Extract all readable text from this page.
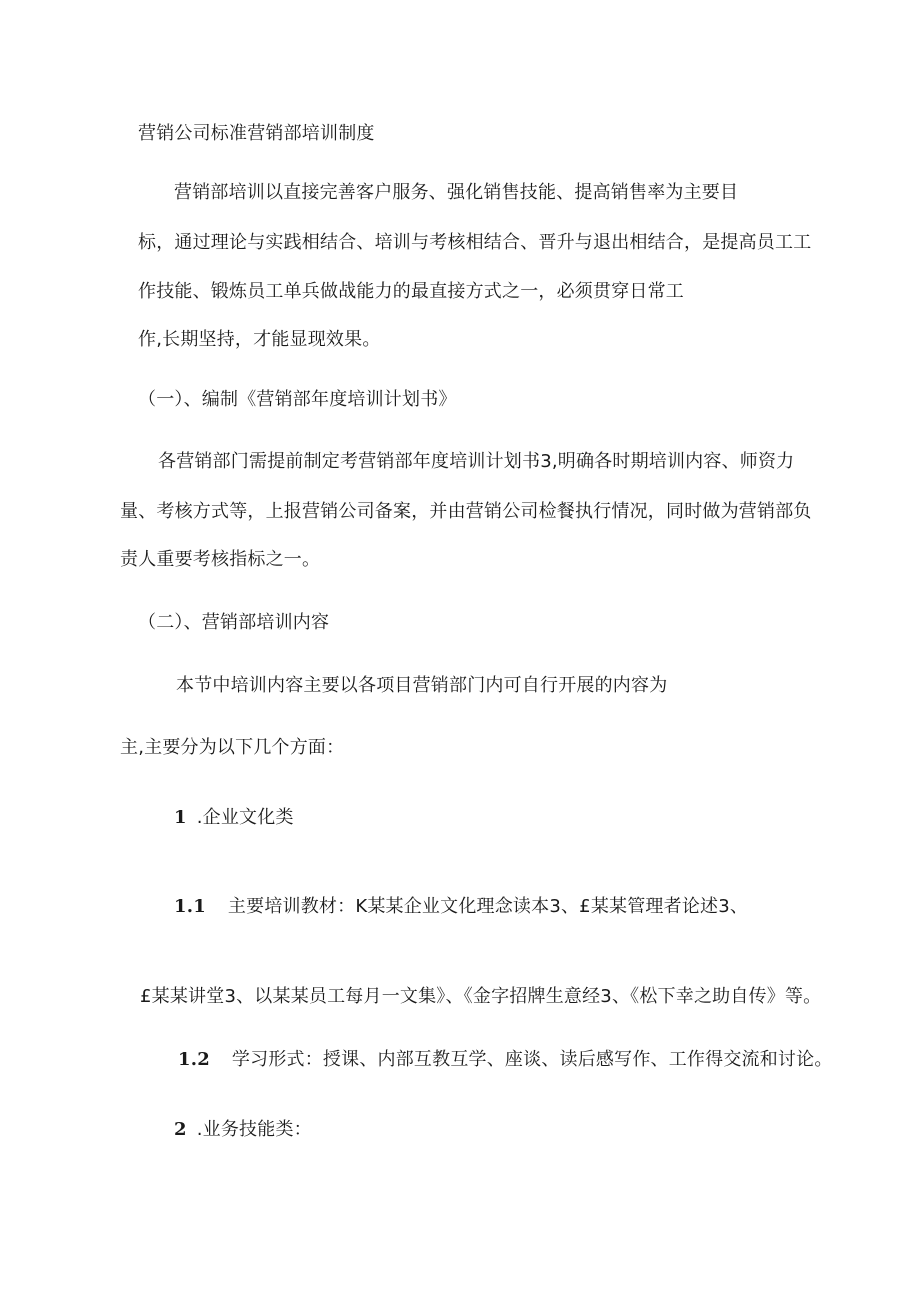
营销公司标准营销部培训制度
营销部培训以直接完善客户服务、强化销售技能、提高销售率为主要目
标，通过理论与实践相结合、培训与考核相结合、晋升与退出相结合，是提高员工工
作技能、锻炼员工单兵做战能力的最直接方式之一，必须贯穿日常工
作,长期坚持，才能显现效果。
（一）、编制《营销部年度培训计划书》
各营销部门需提前制定考营销部年度培训计划书3,明确各时期培训内容、师资力
量、考核方式等，上报营销公司备案，并由营销公司检餐执行情况，同时做为营销部负
责人重要考核指标之一。
（二）、营销部培训内容
本节中培训内容主要以各项目营销部门内可自行开展的内容为
主,主要分为以下几个方面：
1 .企业文化类
1.1 主要培训教材：K某某企业文化理念读本3、£某某管理者论述3、
£某某讲堂3、以某某员工每月一文集》、《金字招牌生意经3、《松下幸之助自传》等。
1.2 学习形式：授课、内部互教互学、座谈、读后感写作、工作得交流和讨论。
2 .业务技能类：
